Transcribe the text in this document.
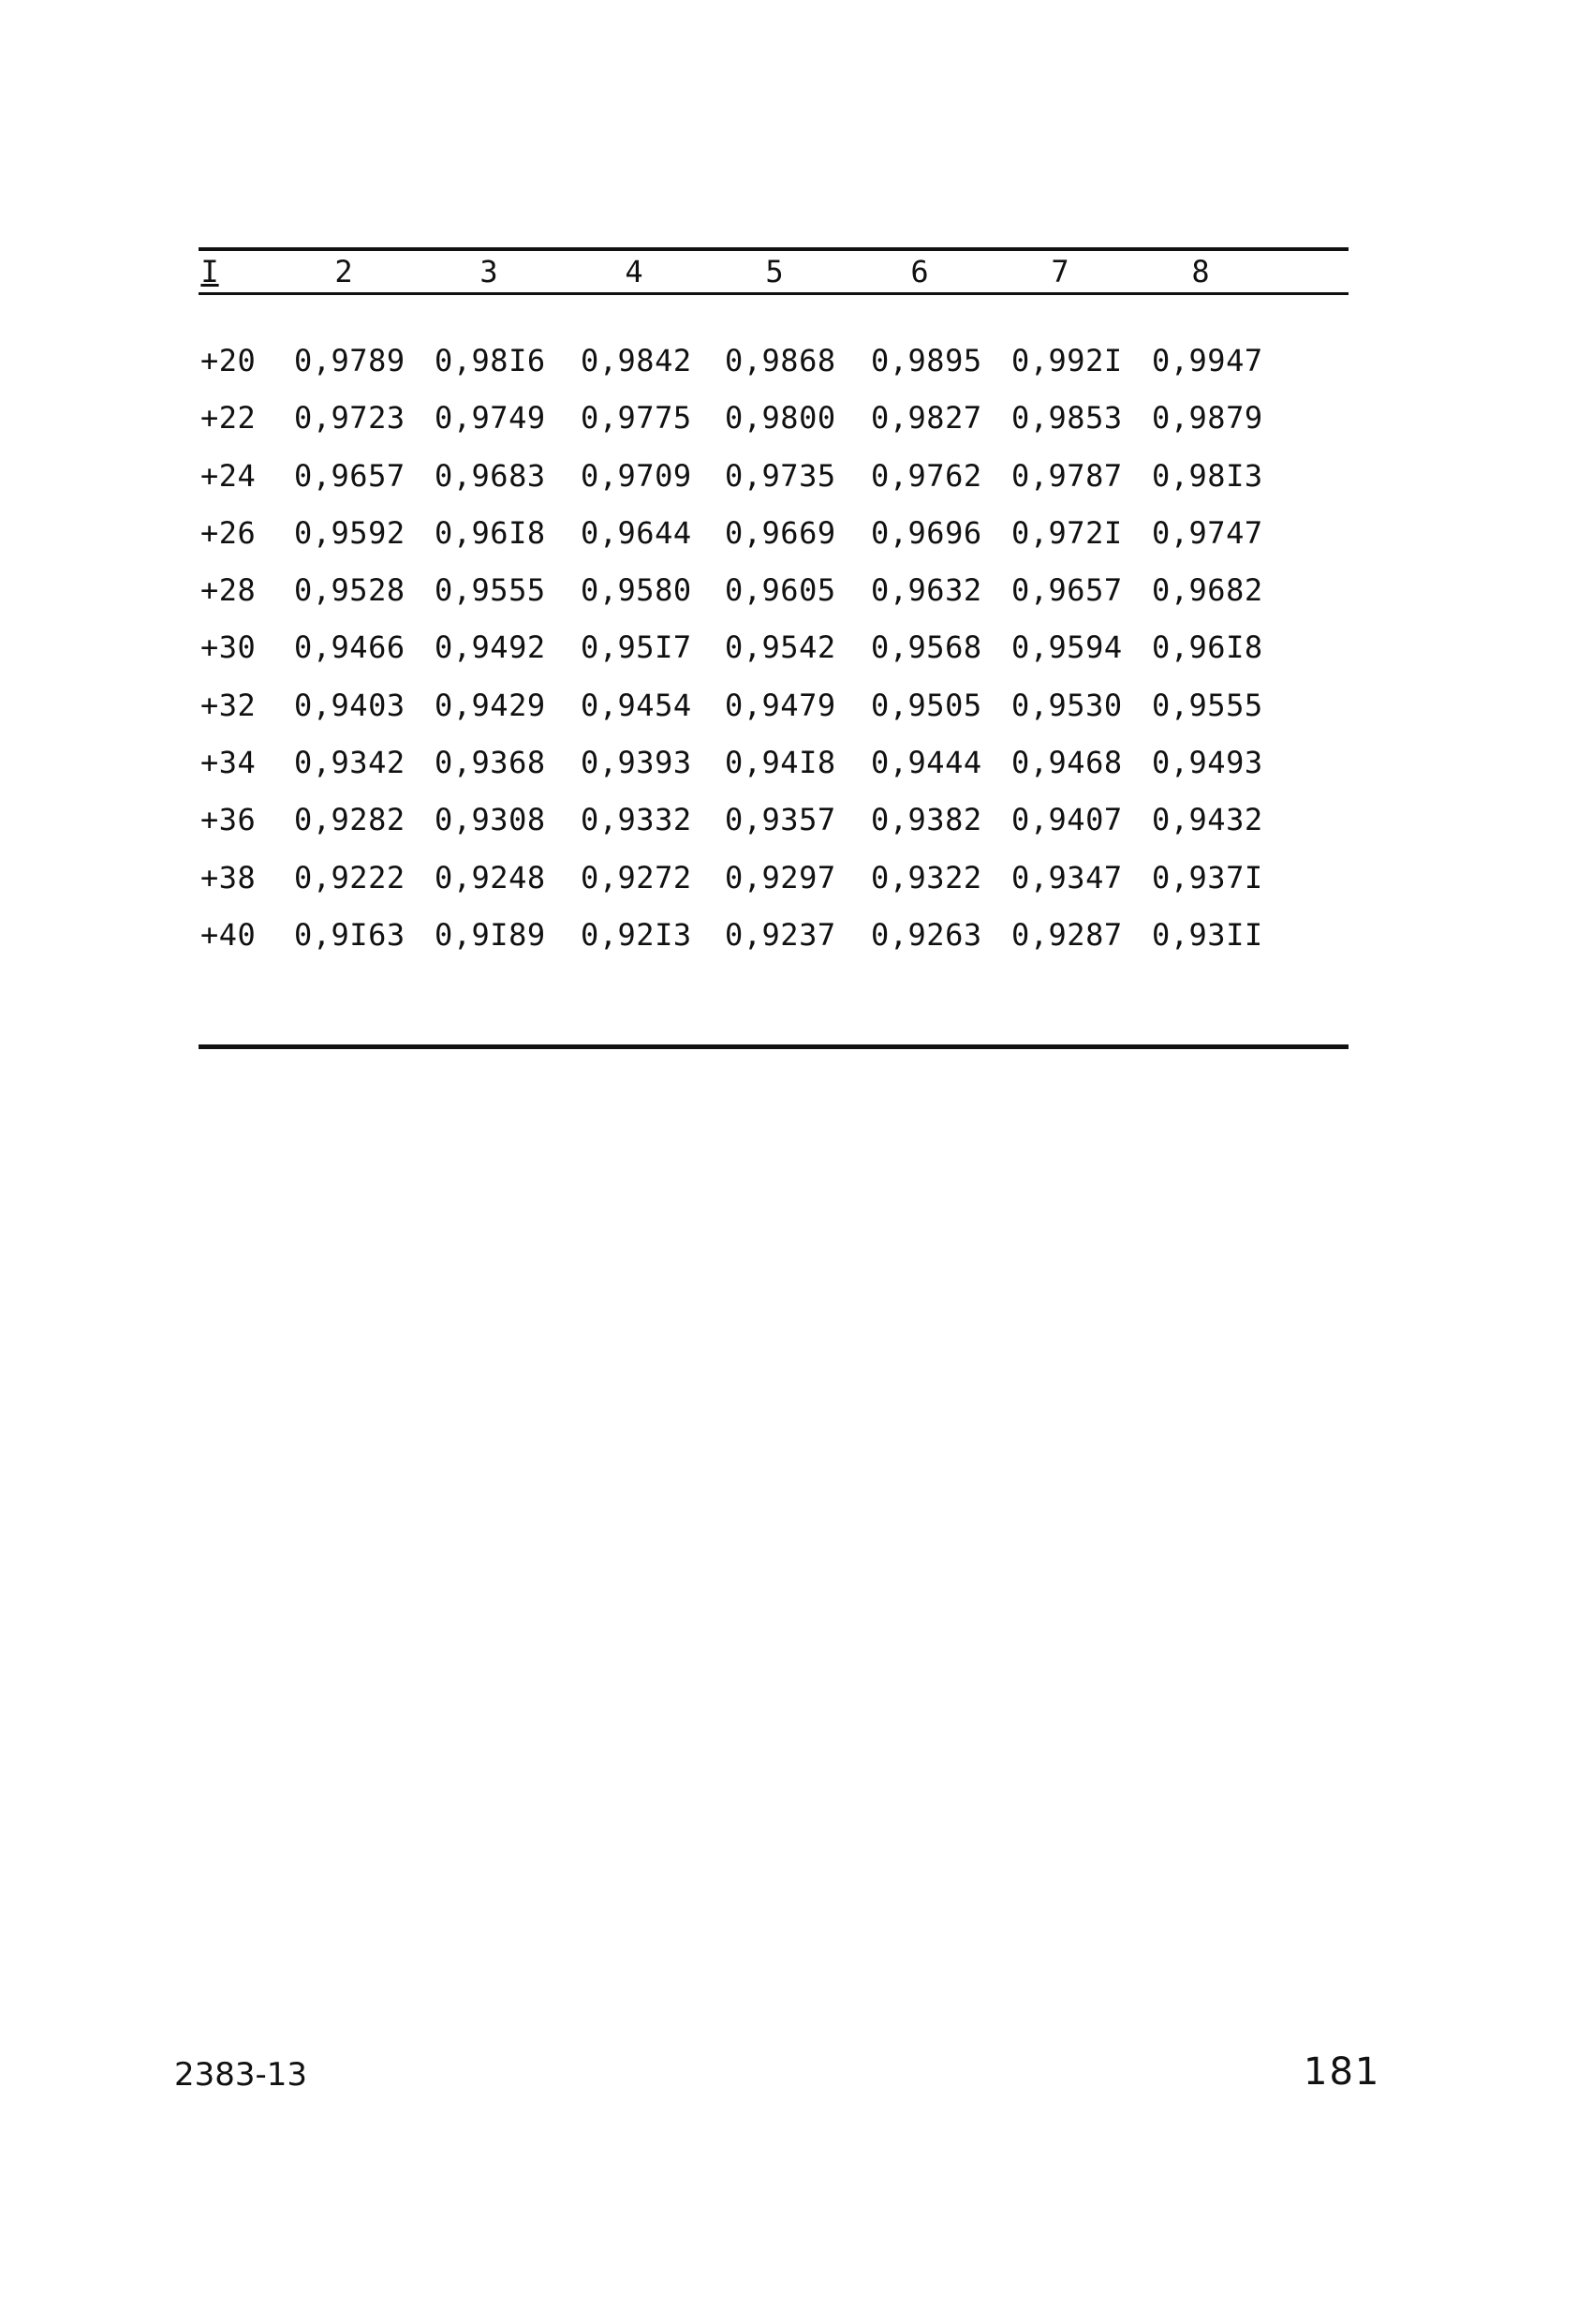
I	2	3	4	5	6	7	8
+20 0,9789 0,98I6 0,9842 0,9868 0,9895 0,992I 0,9947
+22 0,9723 0,9749 0,9775 0,9800 0,9827 0,9853 0,9879
+24 0,9657 0,9683 0,9709 0,9735 0,9762 0,9787 0,98I3
+26 0,9592 0,96I8 0,9644 0,9669 0,9696 0,972I 0,9747
+28 0,9528 0,9555 0,9580 0,9605 0,9632 0,9657 0,9682
+30 0,9466 0,9492 0,95I7 0,9542 0,9568 0,9594 0,96I8
+32 0,9403 0,9429 0,9454 0,9479 0,9505 0,9530 0,9555
+34 0,9342 0,9368 0,9393 0,94I8 0,9444 0,9468 0,9493
+36 0,9282 0,9308 0,9332 0,9357 0,9382 0,9407 0,9432
+38 0,9222 0,9248 0,9272 0,9297 0,9322 0,9347 0,937I
+40 0,9I63 0,9I89 0,92I3 0,9237 0,9263 0,9287 0,93II
2383-13	181
